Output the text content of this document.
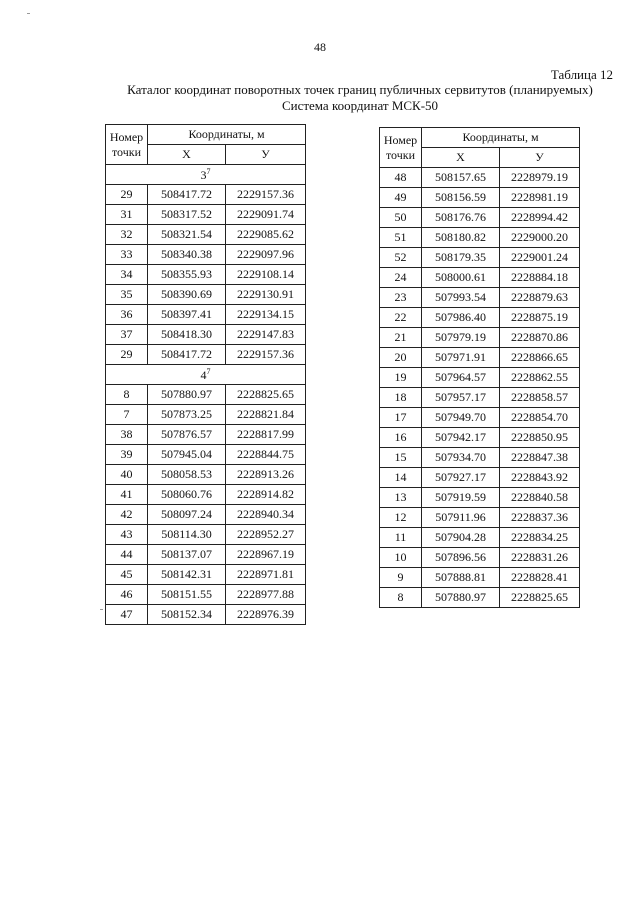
48
Таблица 12
Каталог координат поворотных точек границ публичных сервитутов (планируемых)
Система координат МСК-50
Номер
точки	Координаты, м	
	X	У
$3^7$
29	508417.72	2229157.36
31	508317.52	2229091.74
32	508321.54	2229085.62
33	508340.38	2229097.96
34	508355.93	2229108.14
35	508390.69	2229130.91
36	508397.41	2229134.15
37	508418.30	2229147.83
29	508417.72	2229157.36
$4^7$
8	507880.97	2228825.65
7	507873.25	2228821.84
38	507876.57	2228817.99
39	507945.04	2228844.75
40	508058.53	2228913.26
41	508060.76	2228914.82
42	508097.24	2228940.34
43	508114.30	2228952.27
44	508137.07	2228967.19
45	508142.31	2228971.81
46	508151.55	2228977.88
47	508152.34	2228976.39
Номер
точки	Координаты, м	
	X	У
48	508157.65	2228979.19
49	508156.59	2228981.19
50	508176.76	2228994.42
51	508180.82	2229000.20
52	508179.35	2229001.24
24	508000.61	2228884.18
23	507993.54	2228879.63
22	507986.40	2228875.19
21	507979.19	2228870.86
20	507971.91	2228866.65
19	507964.57	2228862.55
18	507957.17	2228858.57
17	507949.70	2228854.70
16	507942.17	2228850.95
15	507934.70	2228847.38
14	507927.17	2228843.92
13	507919.59	2228840.58
12	507911.96	2228837.36
11	507904.28	2228834.25
10	507896.56	2228831.26
9	507888.81	2228828.41
8	507880.97	2228825.65
